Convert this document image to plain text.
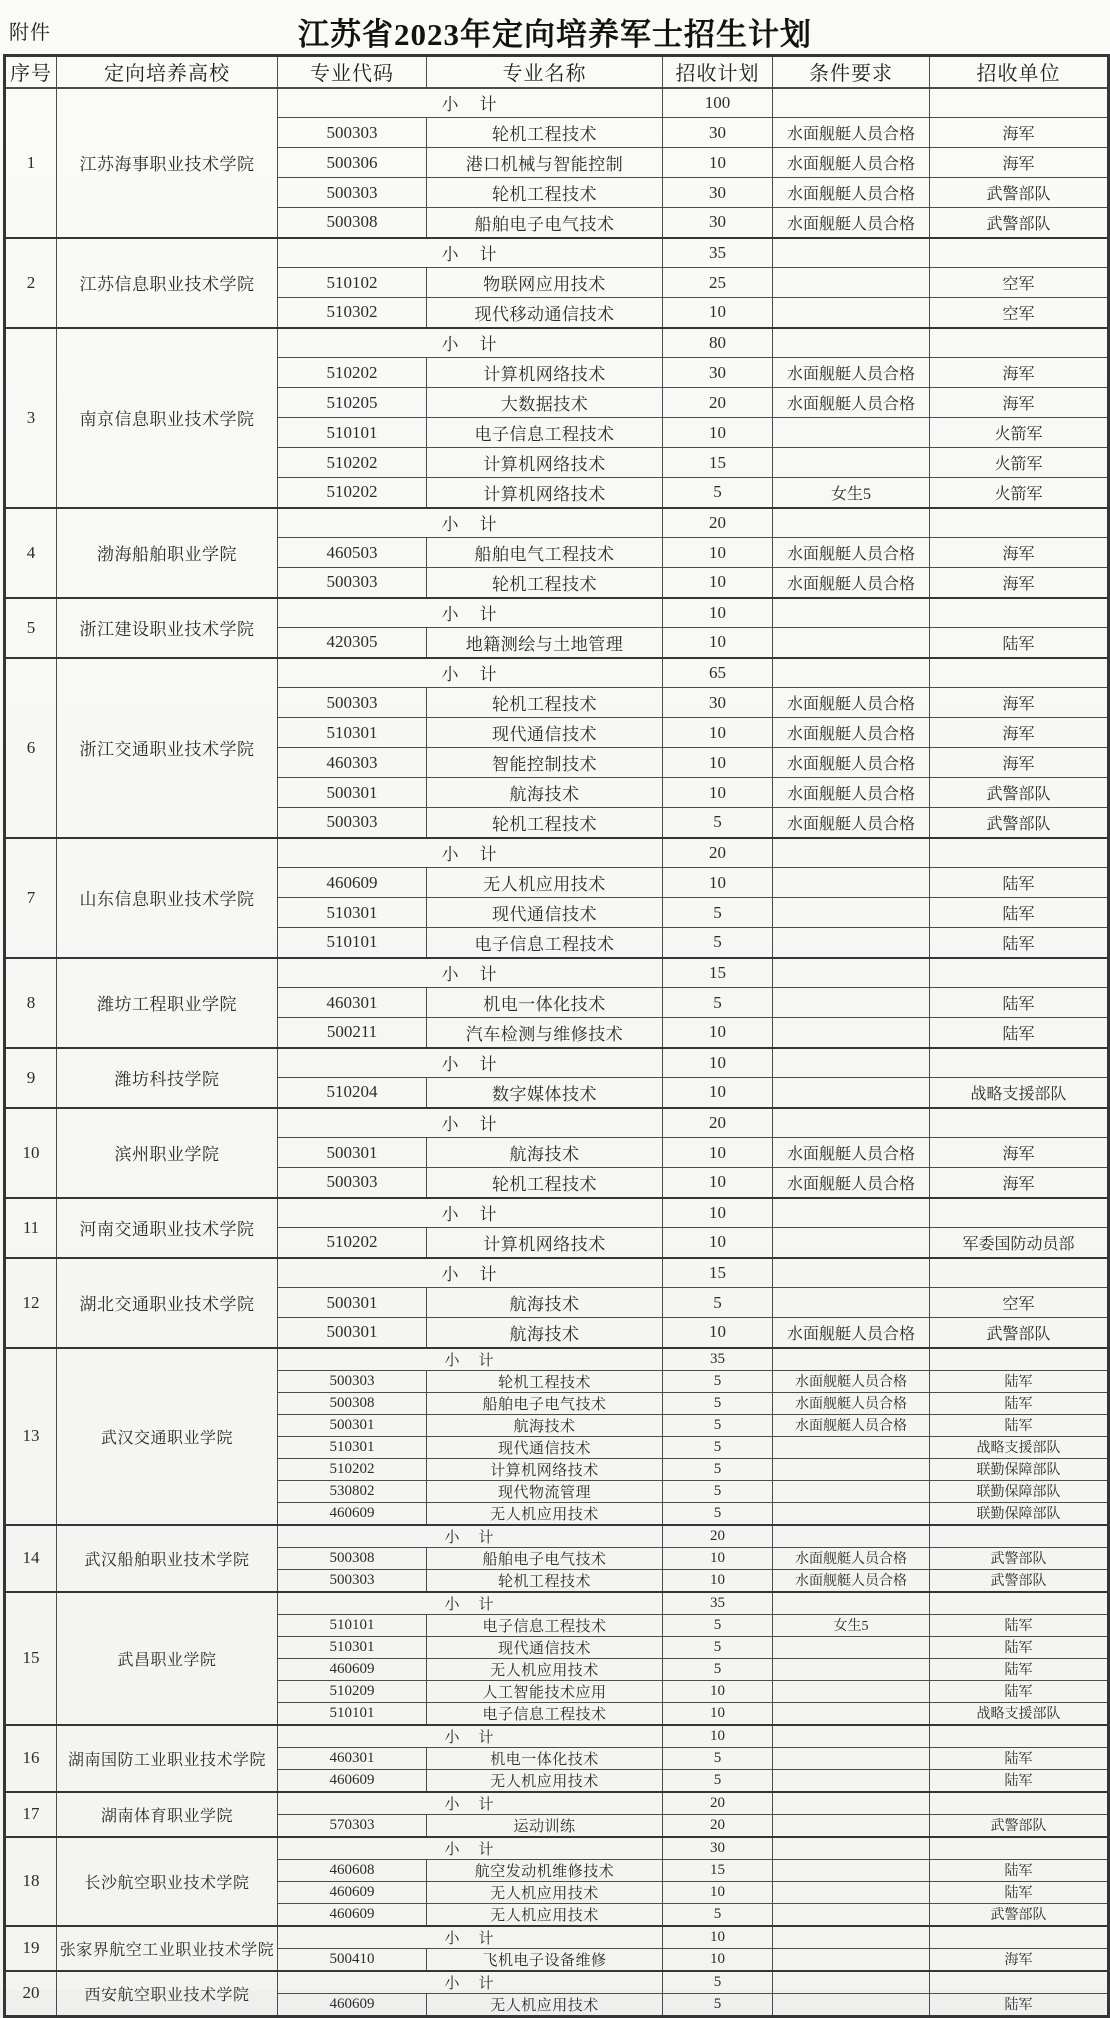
附件	江苏省2023年定向培养军士招生计划
序号	定向培养高校	专业代码	专业名称	招收计划	条件要求	招收单位
1	江苏海事职业技术学院	小　计		100		
		500303	轮机工程技术	30	水面舰艇人员合格	海军
		500306	港口机械与智能控制	10	水面舰艇人员合格	海军
		500303	轮机工程技术	30	水面舰艇人员合格	武警部队
		500308	船舶电子电气技术	30	水面舰艇人员合格	武警部队
2	江苏信息职业技术学院	小　计		35		
		510102	物联网应用技术	25		空军
		510302	现代移动通信技术	10		空军
3	南京信息职业技术学院	小　计		80		
		510202	计算机网络技术	30	水面舰艇人员合格	海军
		510205	大数据技术	20	水面舰艇人员合格	海军
		510101	电子信息工程技术	10		火箭军
		510202	计算机网络技术	15		火箭军
		510202	计算机网络技术	5	女生5	火箭军
4	渤海船舶职业学院	小　计		20		
		460503	船舶电气工程技术	10	水面舰艇人员合格	海军
		500303	轮机工程技术	10	水面舰艇人员合格	海军
5	浙江建设职业技术学院	小　计		10		
		420305	地籍测绘与土地管理	10		陆军
6	浙江交通职业技术学院	小　计		65		
		500303	轮机工程技术	30	水面舰艇人员合格	海军
		510301	现代通信技术	10	水面舰艇人员合格	海军
		460303	智能控制技术	10	水面舰艇人员合格	海军
		500301	航海技术	10	水面舰艇人员合格	武警部队
		500303	轮机工程技术	5	水面舰艇人员合格	武警部队
7	山东信息职业技术学院	小　计		20		
		460609	无人机应用技术	10		陆军
		510301	现代通信技术	5		陆军
		510101	电子信息工程技术	5		陆军
8	潍坊工程职业学院	小　计		15		
		460301	机电一体化技术	5		陆军
		500211	汽车检测与维修技术	10		陆军
9	潍坊科技学院	小　计		10		
		510204	数字媒体技术	10		战略支援部队
10	滨州职业学院	小　计		20		
		500301	航海技术	10	水面舰艇人员合格	海军
		500303	轮机工程技术	10	水面舰艇人员合格	海军
11	河南交通职业技术学院	小　计		10		
		510202	计算机网络技术	10		军委国防动员部
12	湖北交通职业技术学院	小　计		15		
		500301	航海技术	5		空军
		500301	航海技术	10	水面舰艇人员合格	武警部队
13	武汉交通职业学院	小　计		35		
		500303	轮机工程技术	5	水面舰艇人员合格	陆军
		500308	船舶电子电气技术	5	水面舰艇人员合格	陆军
		500301	航海技术	5	水面舰艇人员合格	陆军
		510301	现代通信技术	5		战略支援部队
		510202	计算机网络技术	5		联勤保障部队
		530802	现代物流管理	5		联勤保障部队
		460609	无人机应用技术	5		联勤保障部队
14	武汉船舶职业技术学院	小　计		20		
		500308	船舶电子电气技术	10	水面舰艇人员合格	武警部队
		500303	轮机工程技术	10	水面舰艇人员合格	武警部队
15	武昌职业学院	小　计		35		
		510101	电子信息工程技术	5	女生5	陆军
		510301	现代通信技术	5		陆军
		460609	无人机应用技术	5		陆军
		510209	人工智能技术应用	10		陆军
		510101	电子信息工程技术	10		战略支援部队
16	湖南国防工业职业技术学院	小　计		10		
		460301	机电一体化技术	5		陆军
		460609	无人机应用技术	5		陆军
17	湖南体育职业学院	小　计		20		
		570303	运动训练	20		武警部队
18	长沙航空职业技术学院	小　计		30		
		460608	航空发动机维修技术	15		陆军
		460609	无人机应用技术	10		陆军
		460609	无人机应用技术	5		武警部队
19	张家界航空工业职业技术学院	小　计		10		
		500410	飞机电子设备维修	10		海军
20	西安航空职业技术学院	小　计		5		
		460609	无人机应用技术	5		陆军
